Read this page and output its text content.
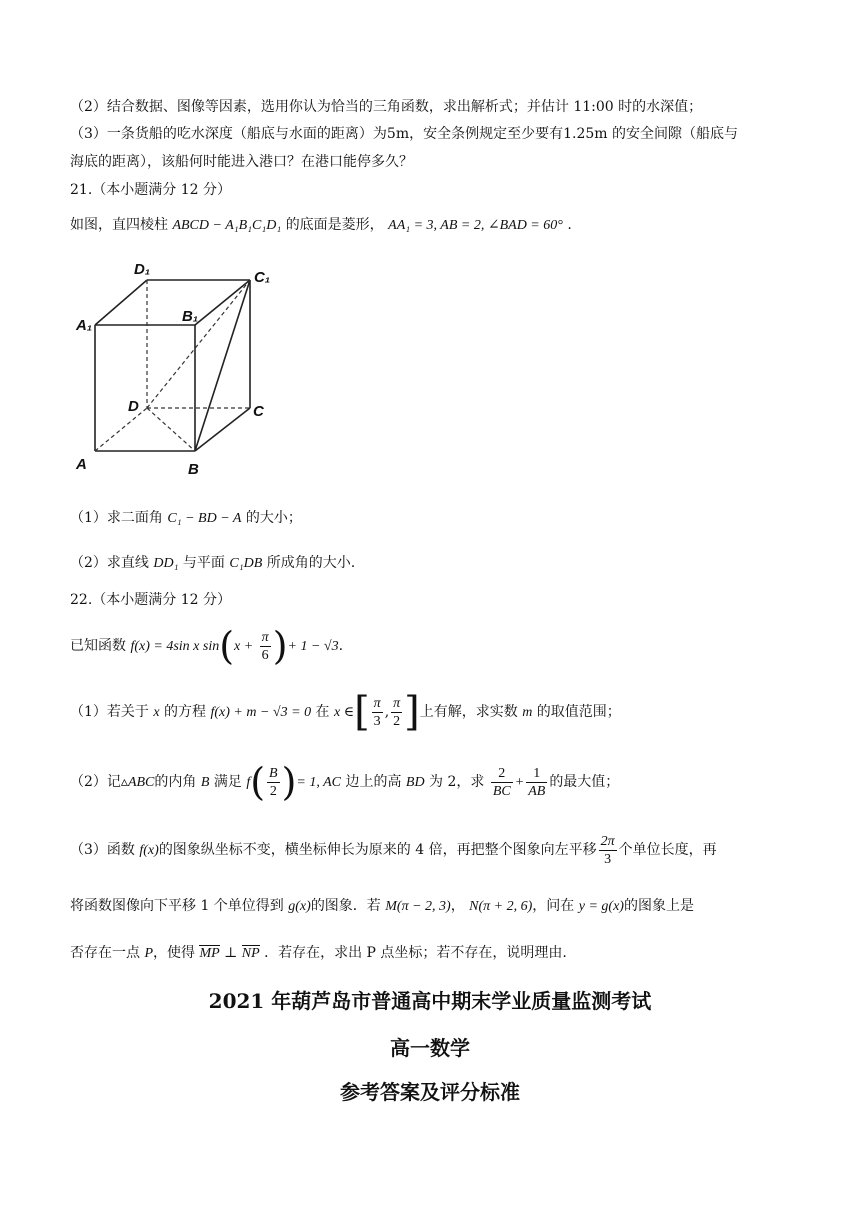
（2）结合数据、图像等因素，选用你认为恰当的三角函数，求出解析式；并估计 11:00 时的水深值；
（3）一条货船的吃水深度（船底与水面的距离）为5m，安全条例规定至少要有1.25m 的安全间隙（船底与
海底的距离），该船何时能进入港口？在港口能停多久？
21.（本小题满分 12 分）
如图，直四棱柱 ABCD − A₁B₁C₁D₁ 的底面是菱形， AA₁ = 3, AB = 2, ∠BAD = 60° .
D₁	C₁
A₁
B₁
D	C
A	B
（1）求二面角 C₁ − BD − A 的大小；
（2）求直线 DD₁ 与平面 C₁DB 所成角的大小.
22.（本小题满分 12 分）
已知函数 f(x) = 4sin x $\sin(x + \frac{\pi}{6}$ )+ 1 − √3.
（1）若关于 x 的方程 f(x) + m − √3 = 0 在 x ∈[ $\frac{\pi}{3}$ , $\frac{\pi}{2}$ ]上有解，求实数 m 的取值范围；
（2）记▵ABC的内角 B 满足 $f( \frac{B}{2}$ )= 1, AC 边上的高 BD 为 2，求 $\frac{2}{BC} + \frac{1}{AB}$ 的最大值；
（3）函数 f(x)的图象纵坐标不变，横坐标伸长为原来的 4 倍，再把整个图象向左平移 $\frac{2\pi}{3}$ 个单位长度，再
将函数图像向下平移 1 个单位得到 g(x)的图象．若 M(π − 2, 3)， N(π + 2, 6)，问在 y = g(x)的图象上是
否存在一点 P，使得 MP ⊥ NP ．若存在，求出 P 点坐标；若不存在，说明理由.
2021 年葫芦岛市普通高中期末学业质量监测考试
高一数学
参考答案及评分标准
